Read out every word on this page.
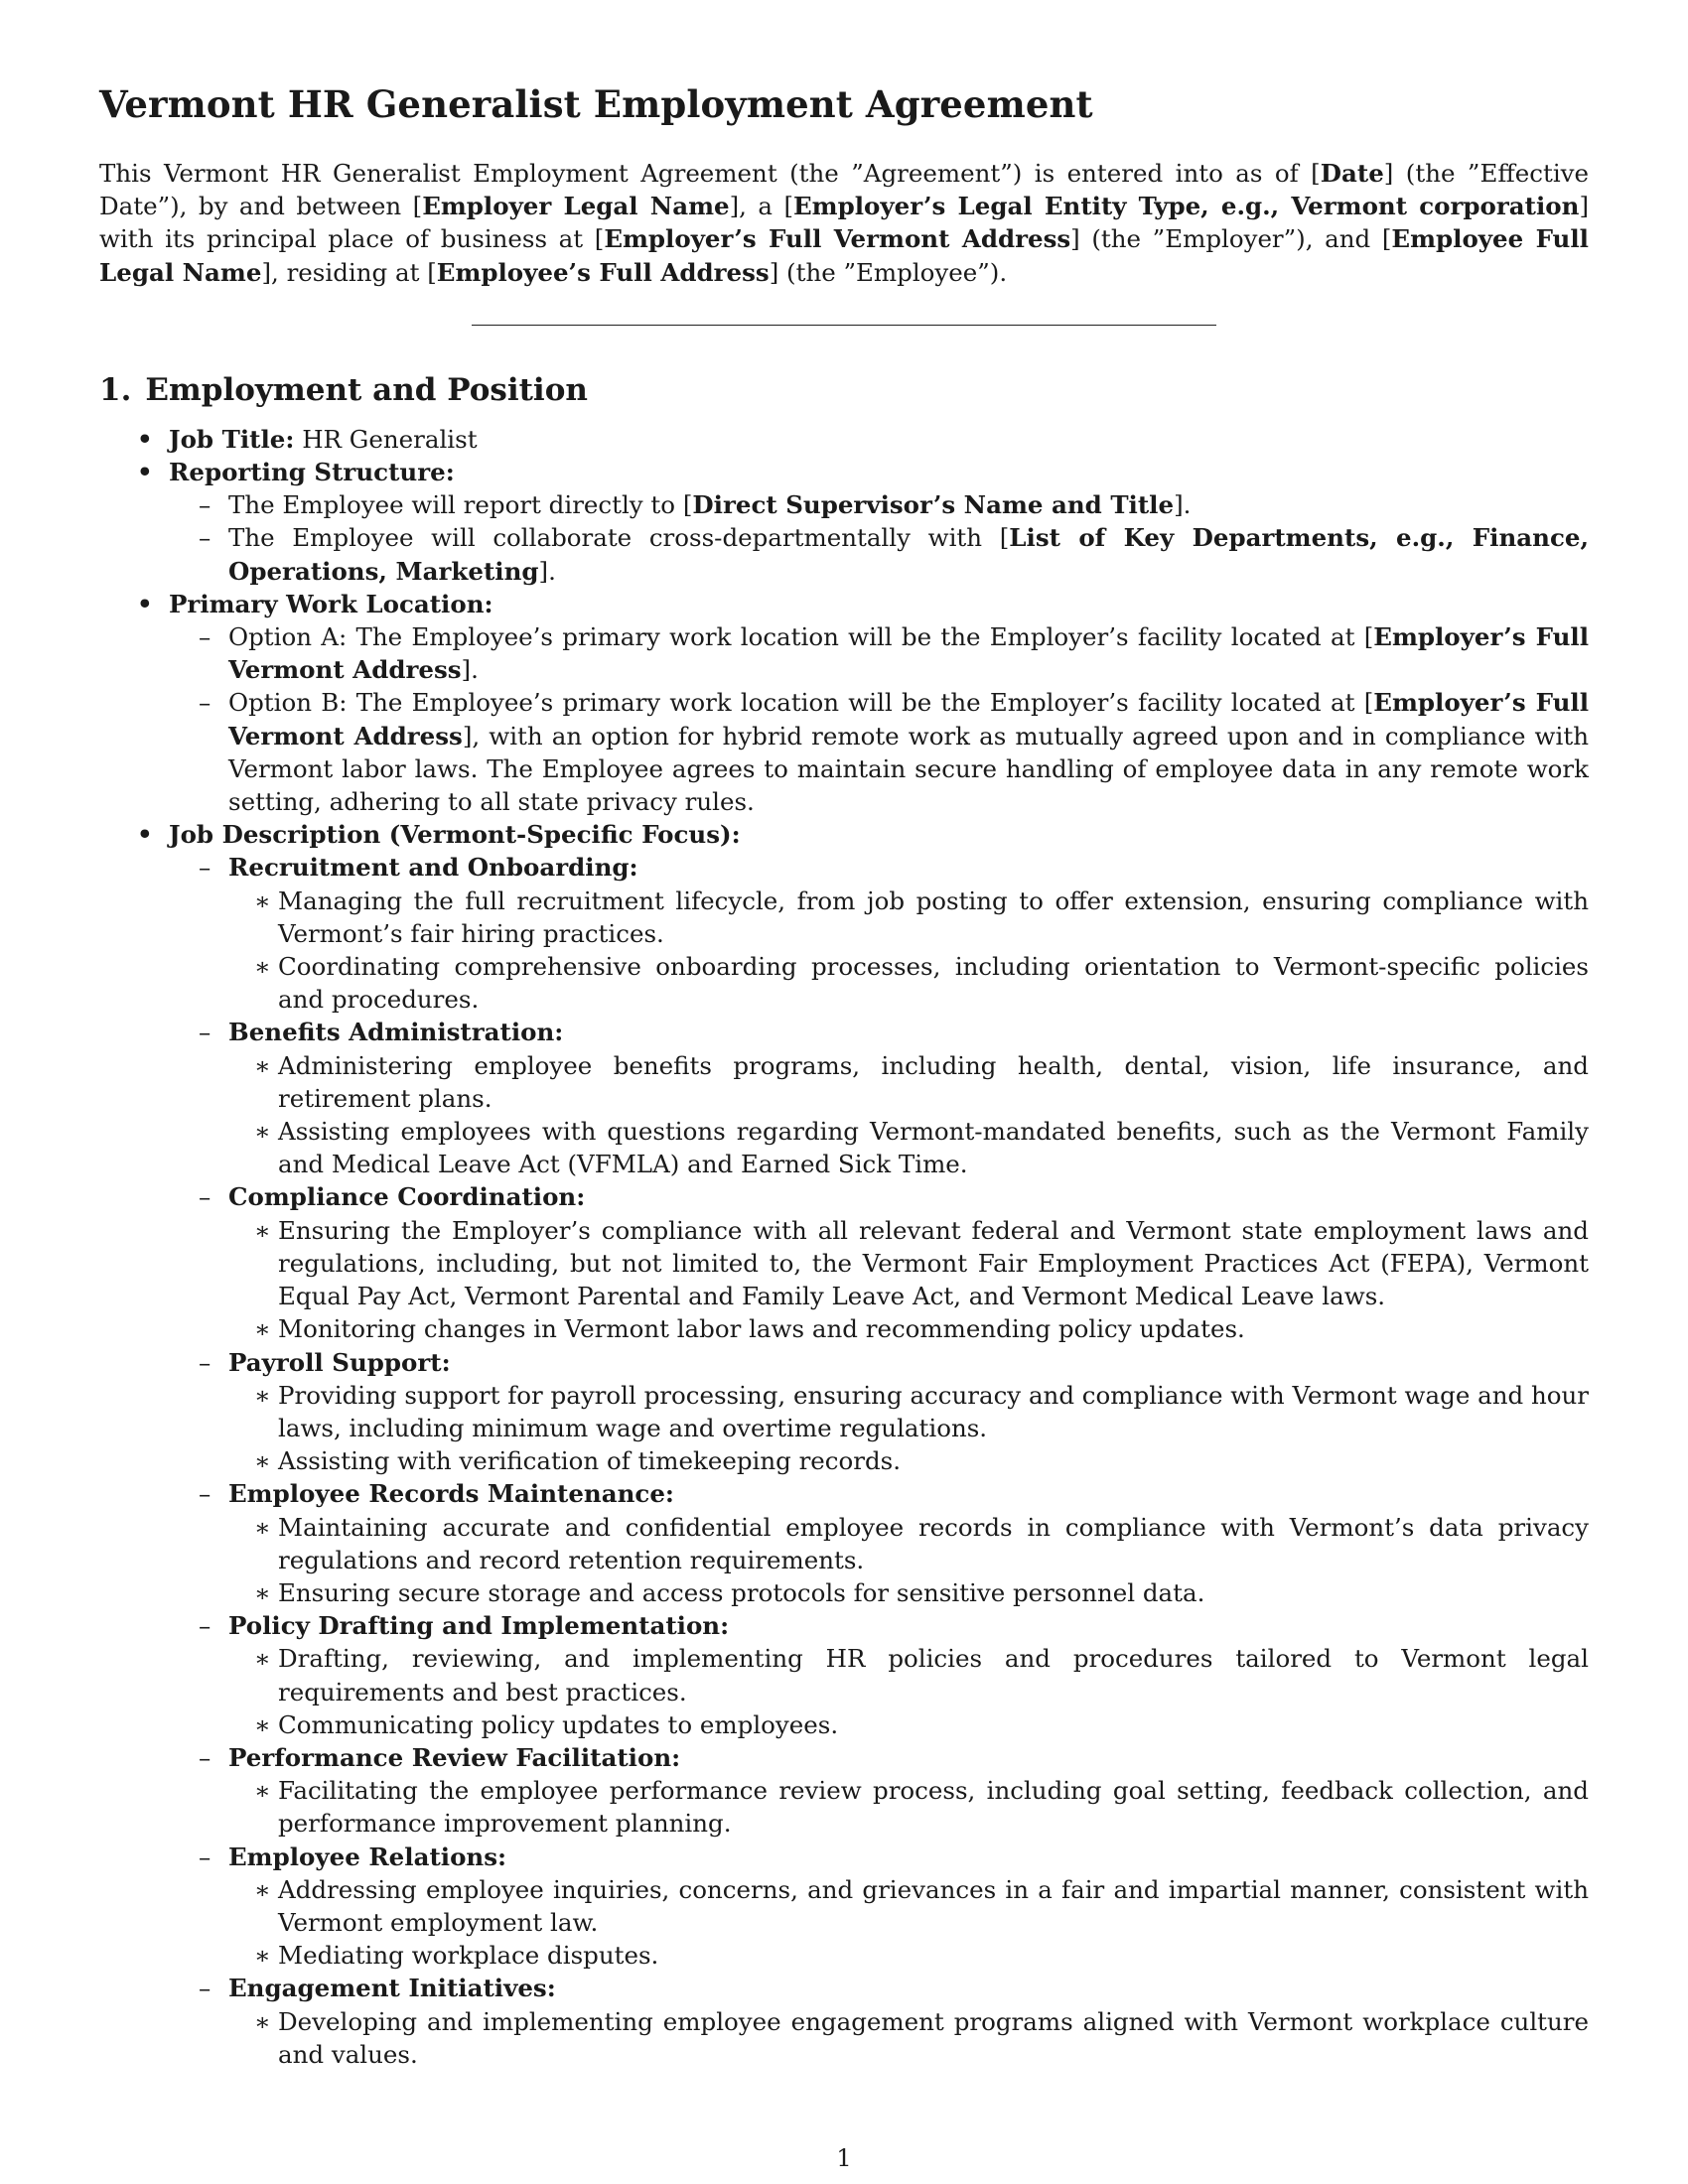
Vermont HR Generalist Employment Agreement

This Vermont HR Generalist Employment Agreement (the ”Agreement”) is entered into as of [Date] (the ”Effective Date”), by and between [Employer Legal Name], a [Employer’s Legal Entity Type, e.g., Vermont corporation] with its principal place of business at [Employer’s Full Vermont Address] (the ”Employer”), and [Employee Full Legal Name], residing at [Employee’s Full Address] (the ”Employee”).

1. Employment and Position
• Job Title: HR Generalist
• Reporting Structure:
– The Employee will report directly to [Direct Supervisor’s Name and Title].
– The Employee will collaborate cross-departmentally with [List of Key Departments, e.g., Finance, Operations, Marketing].
• Primary Work Location:
– Option A: The Employee’s primary work location will be the Employer’s facility located at [Employer’s Full Vermont Address].
– Option B: The Employee’s primary work location will be the Employer’s facility located at [Employer’s Full Vermont Address], with an option for hybrid remote work as mutually agreed upon and in compliance with Vermont labor laws. The Employee agrees to maintain secure handling of employee data in any remote work setting, adhering to all state privacy rules.
• Job Description (Vermont-Specific Focus):
– Recruitment and Onboarding:
∗ Managing the full recruitment lifecycle, from job posting to offer extension, ensuring compliance with Vermont’s fair hiring practices.
∗ Coordinating comprehensive onboarding processes, including orientation to Vermont-specific policies and procedures.
– Benefits Administration:
∗ Administering employee benefits programs, including health, dental, vision, life insurance, and retirement plans.
∗ Assisting employees with questions regarding Vermont-mandated benefits, such as the Vermont Family and Medical Leave Act (VFMLA) and Earned Sick Time.
– Compliance Coordination:
∗ Ensuring the Employer’s compliance with all relevant federal and Vermont state employment laws and regulations, including, but not limited to, the Vermont Fair Employment Practices Act (FEPA), Vermont Equal Pay Act, Vermont Parental and Family Leave Act, and Vermont Medical Leave laws.
∗ Monitoring changes in Vermont labor laws and recommending policy updates.
– Payroll Support:
∗ Providing support for payroll processing, ensuring accuracy and compliance with Vermont wage and hour laws, including minimum wage and overtime regulations.
∗ Assisting with verification of timekeeping records.
– Employee Records Maintenance:
∗ Maintaining accurate and confidential employee records in compliance with Vermont’s data privacy regulations and record retention requirements.
∗ Ensuring secure storage and access protocols for sensitive personnel data.
– Policy Drafting and Implementation:
∗ Drafting, reviewing, and implementing HR policies and procedures tailored to Vermont legal requirements and best practices.
∗ Communicating policy updates to employees.
– Performance Review Facilitation:
∗ Facilitating the employee performance review process, including goal setting, feedback collection, and performance improvement planning.
– Employee Relations:
∗ Addressing employee inquiries, concerns, and grievances in a fair and impartial manner, consistent with Vermont employment law.
∗ Mediating workplace disputes.
– Engagement Initiatives:
∗ Developing and implementing employee engagement programs aligned with Vermont workplace culture and values.
1
